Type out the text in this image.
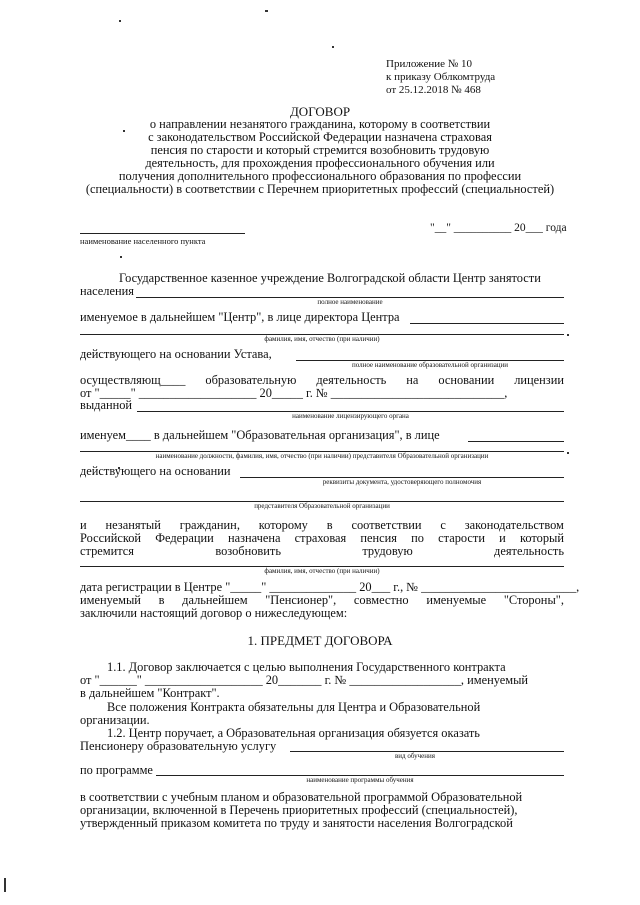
Приложение № 10
к приказу Облкомтруда
от 25.12.2018 № 468
ДОГОВОР
о направлении незанятого гражданина, которому в соответствии
с законодательством Российской Федерации назначена страховая
пенсия по старости и который стремится возобновить трудовую
деятельность, для прохождения профессионального обучения или
получения дополнительного профессионального образования по профессии
(специальности) в соответствии с Перечнем приоритетных профессий (специальностей)
наименование населенного пункта
"__" __________ 20___ года
Государственное казенное учреждение Волгоградской области Центр занятости
населения
полное наименование
именуемое в дальнейшем "Центр", в лице директора Центра
фамилия, имя, отчество (при наличии)
действующего на основании Устава,
полное наименование образовательной организации
осуществляющ____ образовательную деятельность на основании лицензии
от "_____" ___________________ 20_____ г. № ____________________________,
выданной
наименование лицензирующего органа
именуем____ в дальнейшем "Образовательная организация", в лице
наименование должности, фамилия, имя, отчество (при наличии) представителя Образовательной организации
действующего на основании
реквизиты документа, удостоверяющего полномочия
представителя Образовательной организации
и незанятый гражданин, которому в соответствии с законодательством
Российской Федерации назначена страховая пенсия по старости и который
стремится	возобновить	трудовую	деятельность
фамилия, имя, отчество (при наличии)
дата регистрации в Центре "_____" ______________ 20___ г., № _________________________,
именуемый в дальнейшем "Пенсионер", совместно именуемые "Стороны",
заключили настоящий договор о нижеследующем:
1. ПРЕДМЕТ ДОГОВОРА
1.1. Договор заключается с целью выполнения Государственного контракта
от "______" ___________________ 20_______ г. № __________________, именуемый
в дальнейшем "Контракт".
Все положения Контракта обязательны для Центра и Образовательной
организации.
1.2. Центр поручает, а Образовательная организация обязуется оказать
Пенсионеру образовательную услугу
вид обучения
по программе
наименование программы обучения
в соответствии с учебным планом и образовательной программой Образовательной
организации, включенной в Перечень приоритетных профессий (специальностей),
утвержденный приказом комитета по труду и занятости населения Волгоградской
